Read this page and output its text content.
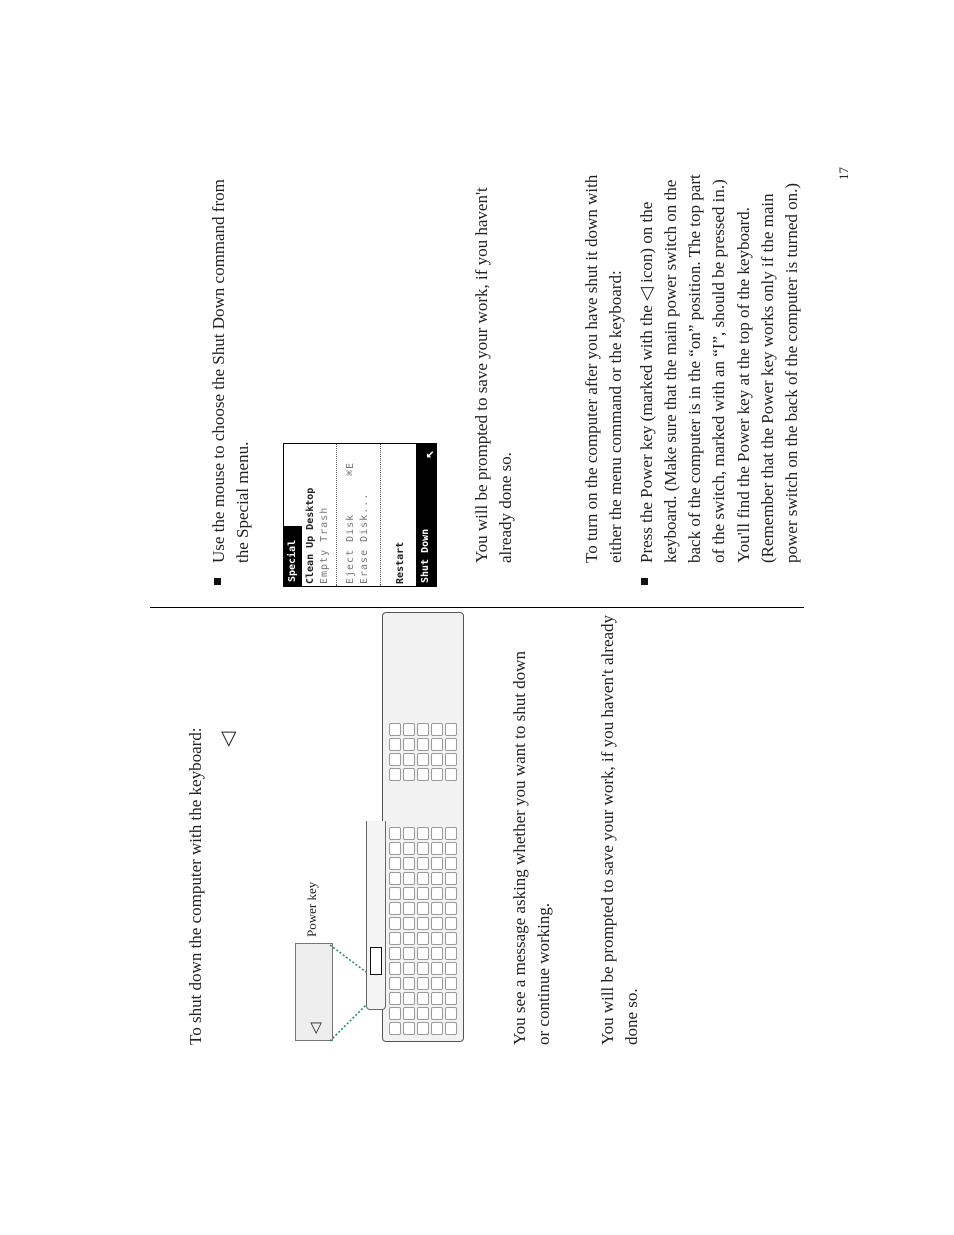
17
To shut down the computer with the keyboard: ◁
◁
Power key	You see a message asking whether you want to shut down or continue working.	You will be prompted to save your work, if you haven't already done so.
Use the mouse to choose the Shut Down command from the Special menu.	Special Clean Up Desktop Empty Trash Eject Disk
⌘E
Erase Disk...	Restart	Shut Down
↖ You will be prompted to save your work, if you haven't already done so.	To turn on the computer after you have shut it down with either the menu command or the keyboard: Press the Power key (marked with the ◁ icon) on the keyboard. (Make sure that the main power switch on the back of the computer is in the “on” position. The top part of the switch, marked with an “I”, should be pressed in.) You'll find the Power key at the top of the keyboard. (Remember that the Power key works only if the main power switch on the back of the computer is turned on.)
